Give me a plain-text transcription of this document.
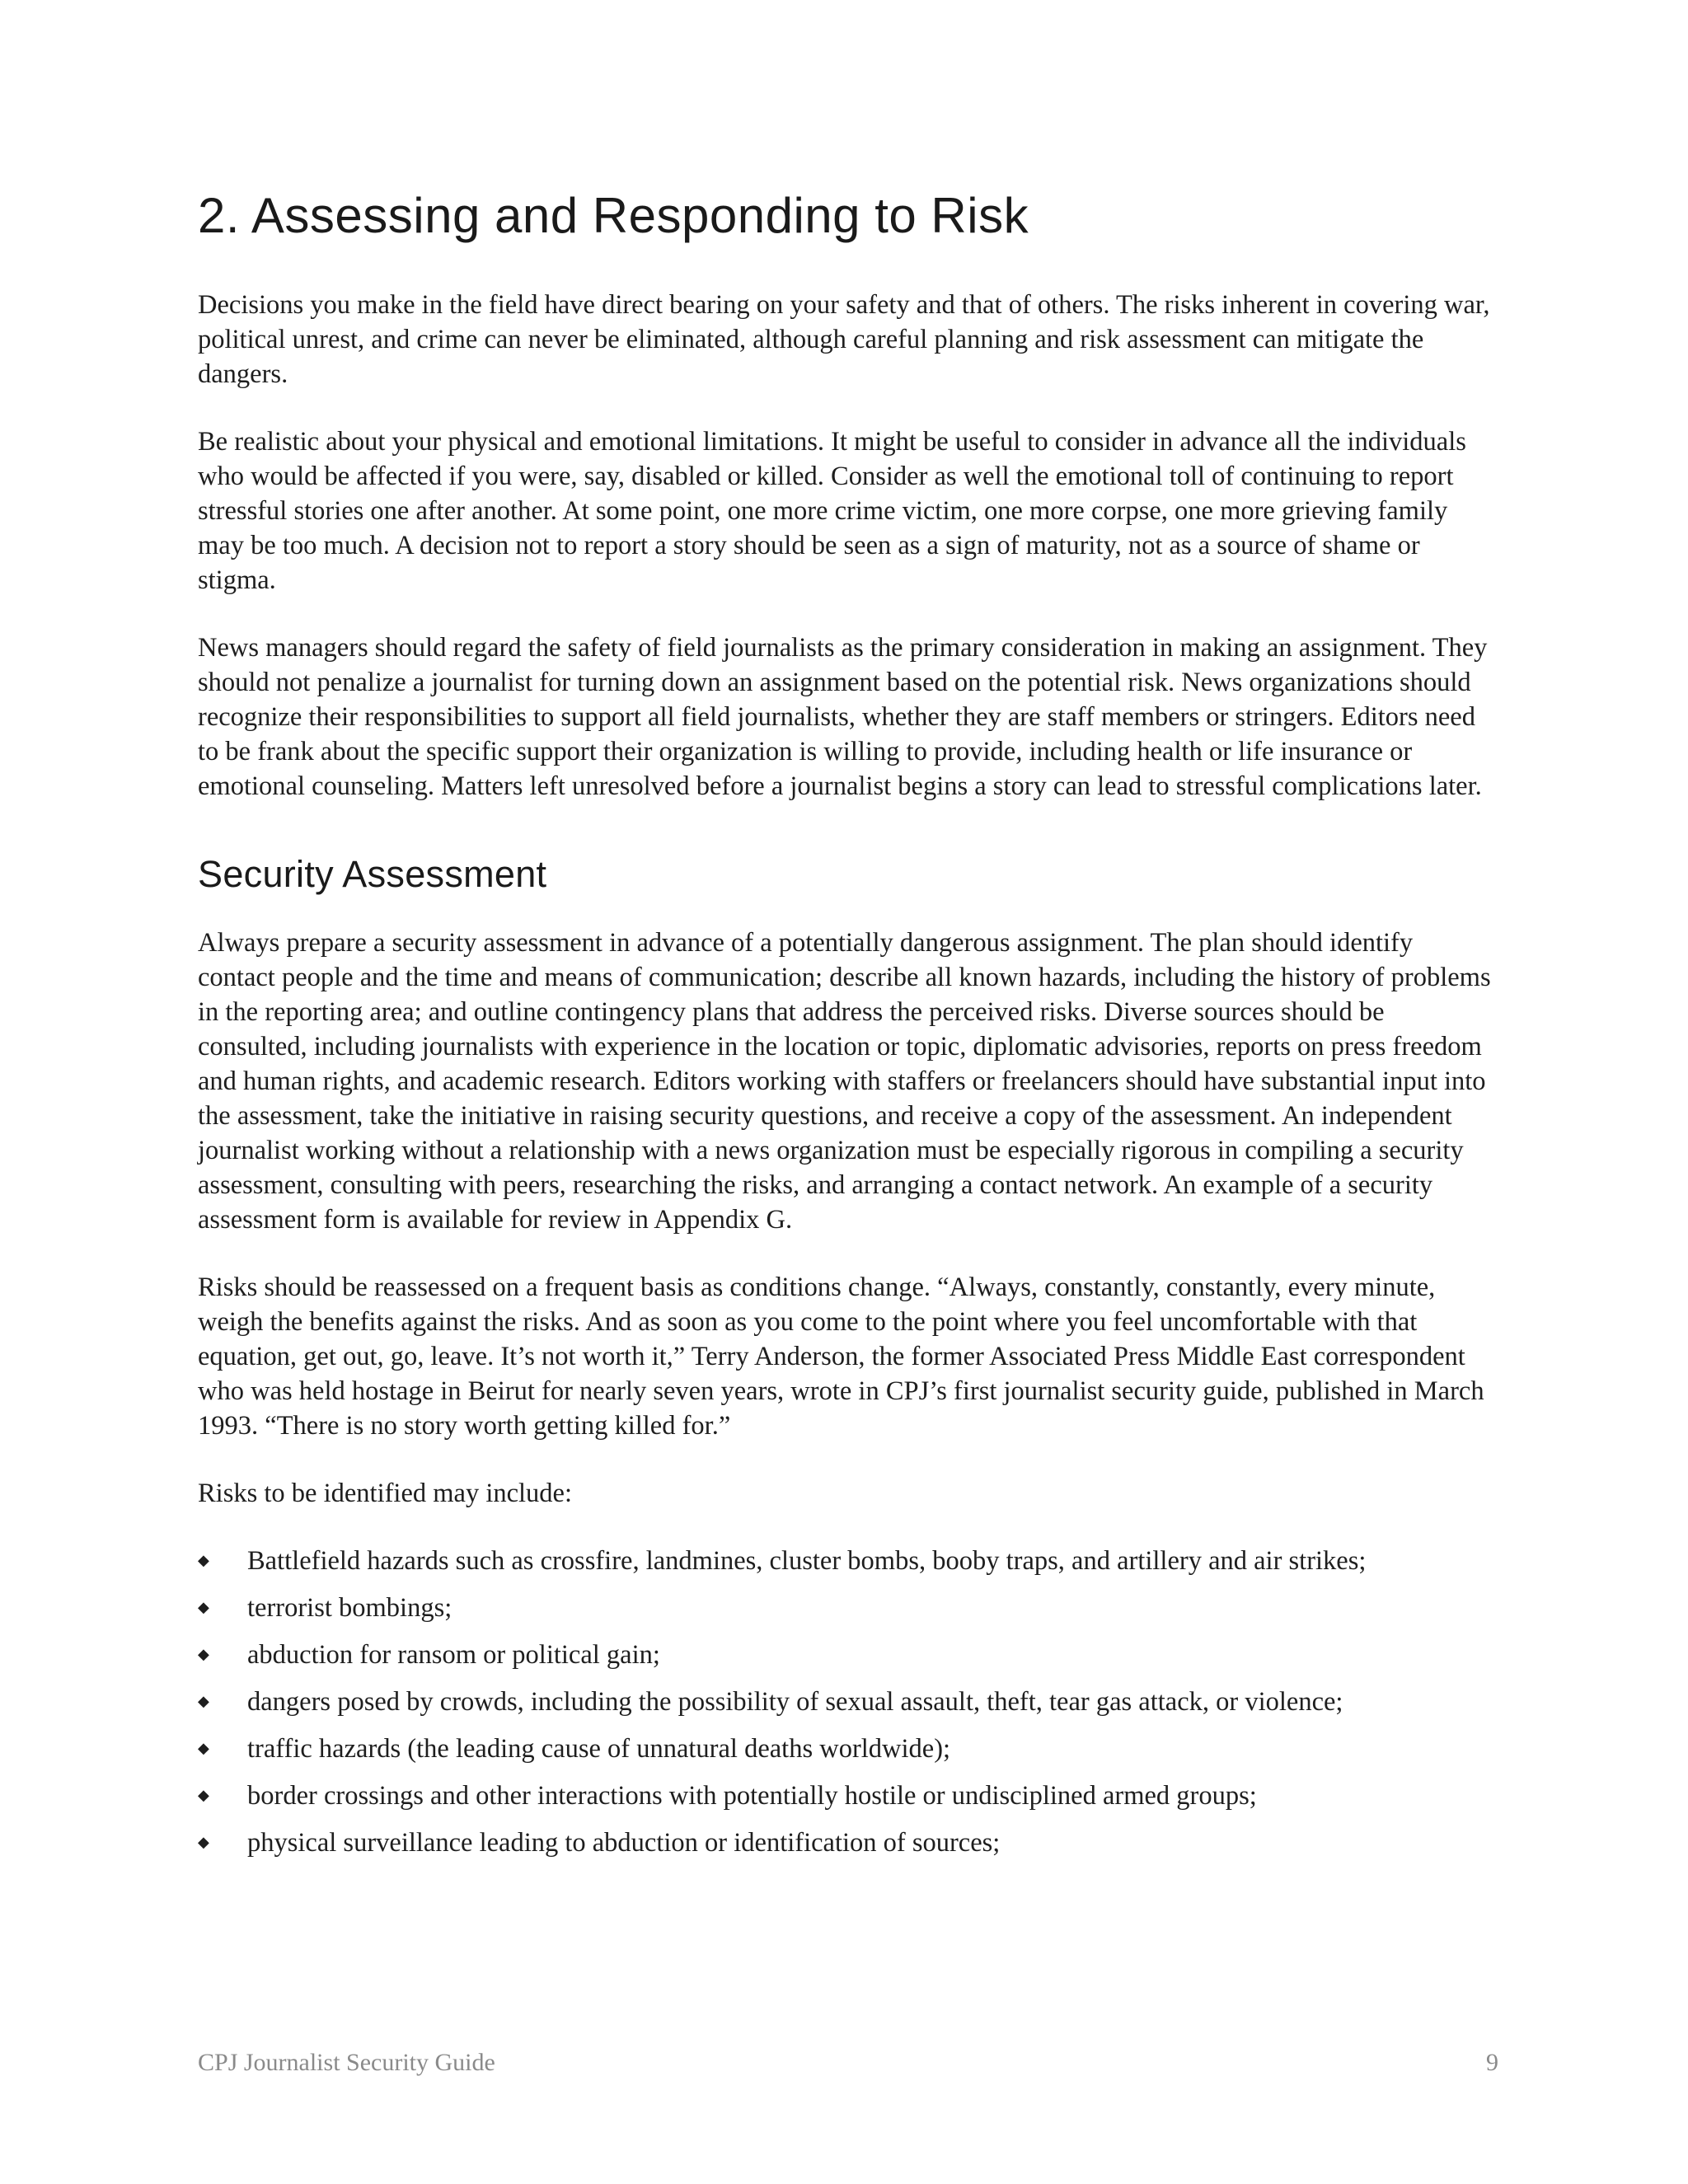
2. Assessing and Responding to Risk

Decisions you make in the field have direct bearing on your safety and that of others. The risks inherent in covering war, political unrest, and crime can never be eliminated, although careful planning and risk assessment can mitigate the dangers.

Be realistic about your physical and emotional limitations. It might be useful to consider in advance all the individuals who would be affected if you were, say, disabled or killed. Consider as well the emotional toll of continuing to report stressful stories one after another. At some point, one more crime victim, one more corpse, one more grieving family may be too much. A decision not to report a story should be seen as a sign of maturity, not as a source of shame or stigma.

News managers should regard the safety of field journalists as the primary consideration in making an assignment. They should not penalize a journalist for turning down an assignment based on the potential risk. News organizations should recognize their responsibilities to support all field journalists, whether they are staff members or stringers. Editors need to be frank about the specific support their organization is willing to provide, including health or life insurance or emotional counseling. Matters left unresolved before a journalist begins a story can lead to stressful complications later.

Security Assessment

Always prepare a security assessment in advance of a potentially dangerous assignment. The plan should identify contact people and the time and means of communication; describe all known hazards, including the history of problems in the reporting area; and outline contingency plans that address the perceived risks. Diverse sources should be consulted, including journalists with experience in the location or topic, diplomatic advisories, reports on press freedom and human rights, and academic research. Editors working with staffers or freelancers should have substantial input into the assessment, take the initiative in raising security questions, and receive a copy of the assessment. An independent journalist working without a relationship with a news organization must be especially rigorous in compiling a security assessment, consulting with peers, researching the risks, and arranging a contact network. An example of a security assessment form is available for review in Appendix G.

Risks should be reassessed on a frequent basis as conditions change. “Always, constantly, constantly, every minute, weigh the benefits against the risks. And as soon as you come to the point where you feel uncomfortable with that equation, get out, go, leave. It’s not worth it,” Terry Anderson, the former Associated Press Middle East correspondent who was held hostage in Beirut for nearly seven years, wrote in CPJ’s first journalist security guide, published in March 1993. “There is no story worth getting killed for.”

Risks to be identified may include:

◆ Battlefield hazards such as crossfire, landmines, cluster bombs, booby traps, and artillery and air strikes;
◆ terrorist bombings;
◆ abduction for ransom or political gain;
◆ dangers posed by crowds, including the possibility of sexual assault, theft, tear gas attack, or violence;
◆ traffic hazards (the leading cause of unnatural deaths worldwide);
◆ border crossings and other interactions with potentially hostile or undisciplined armed groups;
◆ physical surveillance leading to abduction or identification of sources;
CPJ Journalist Security Guide	9
